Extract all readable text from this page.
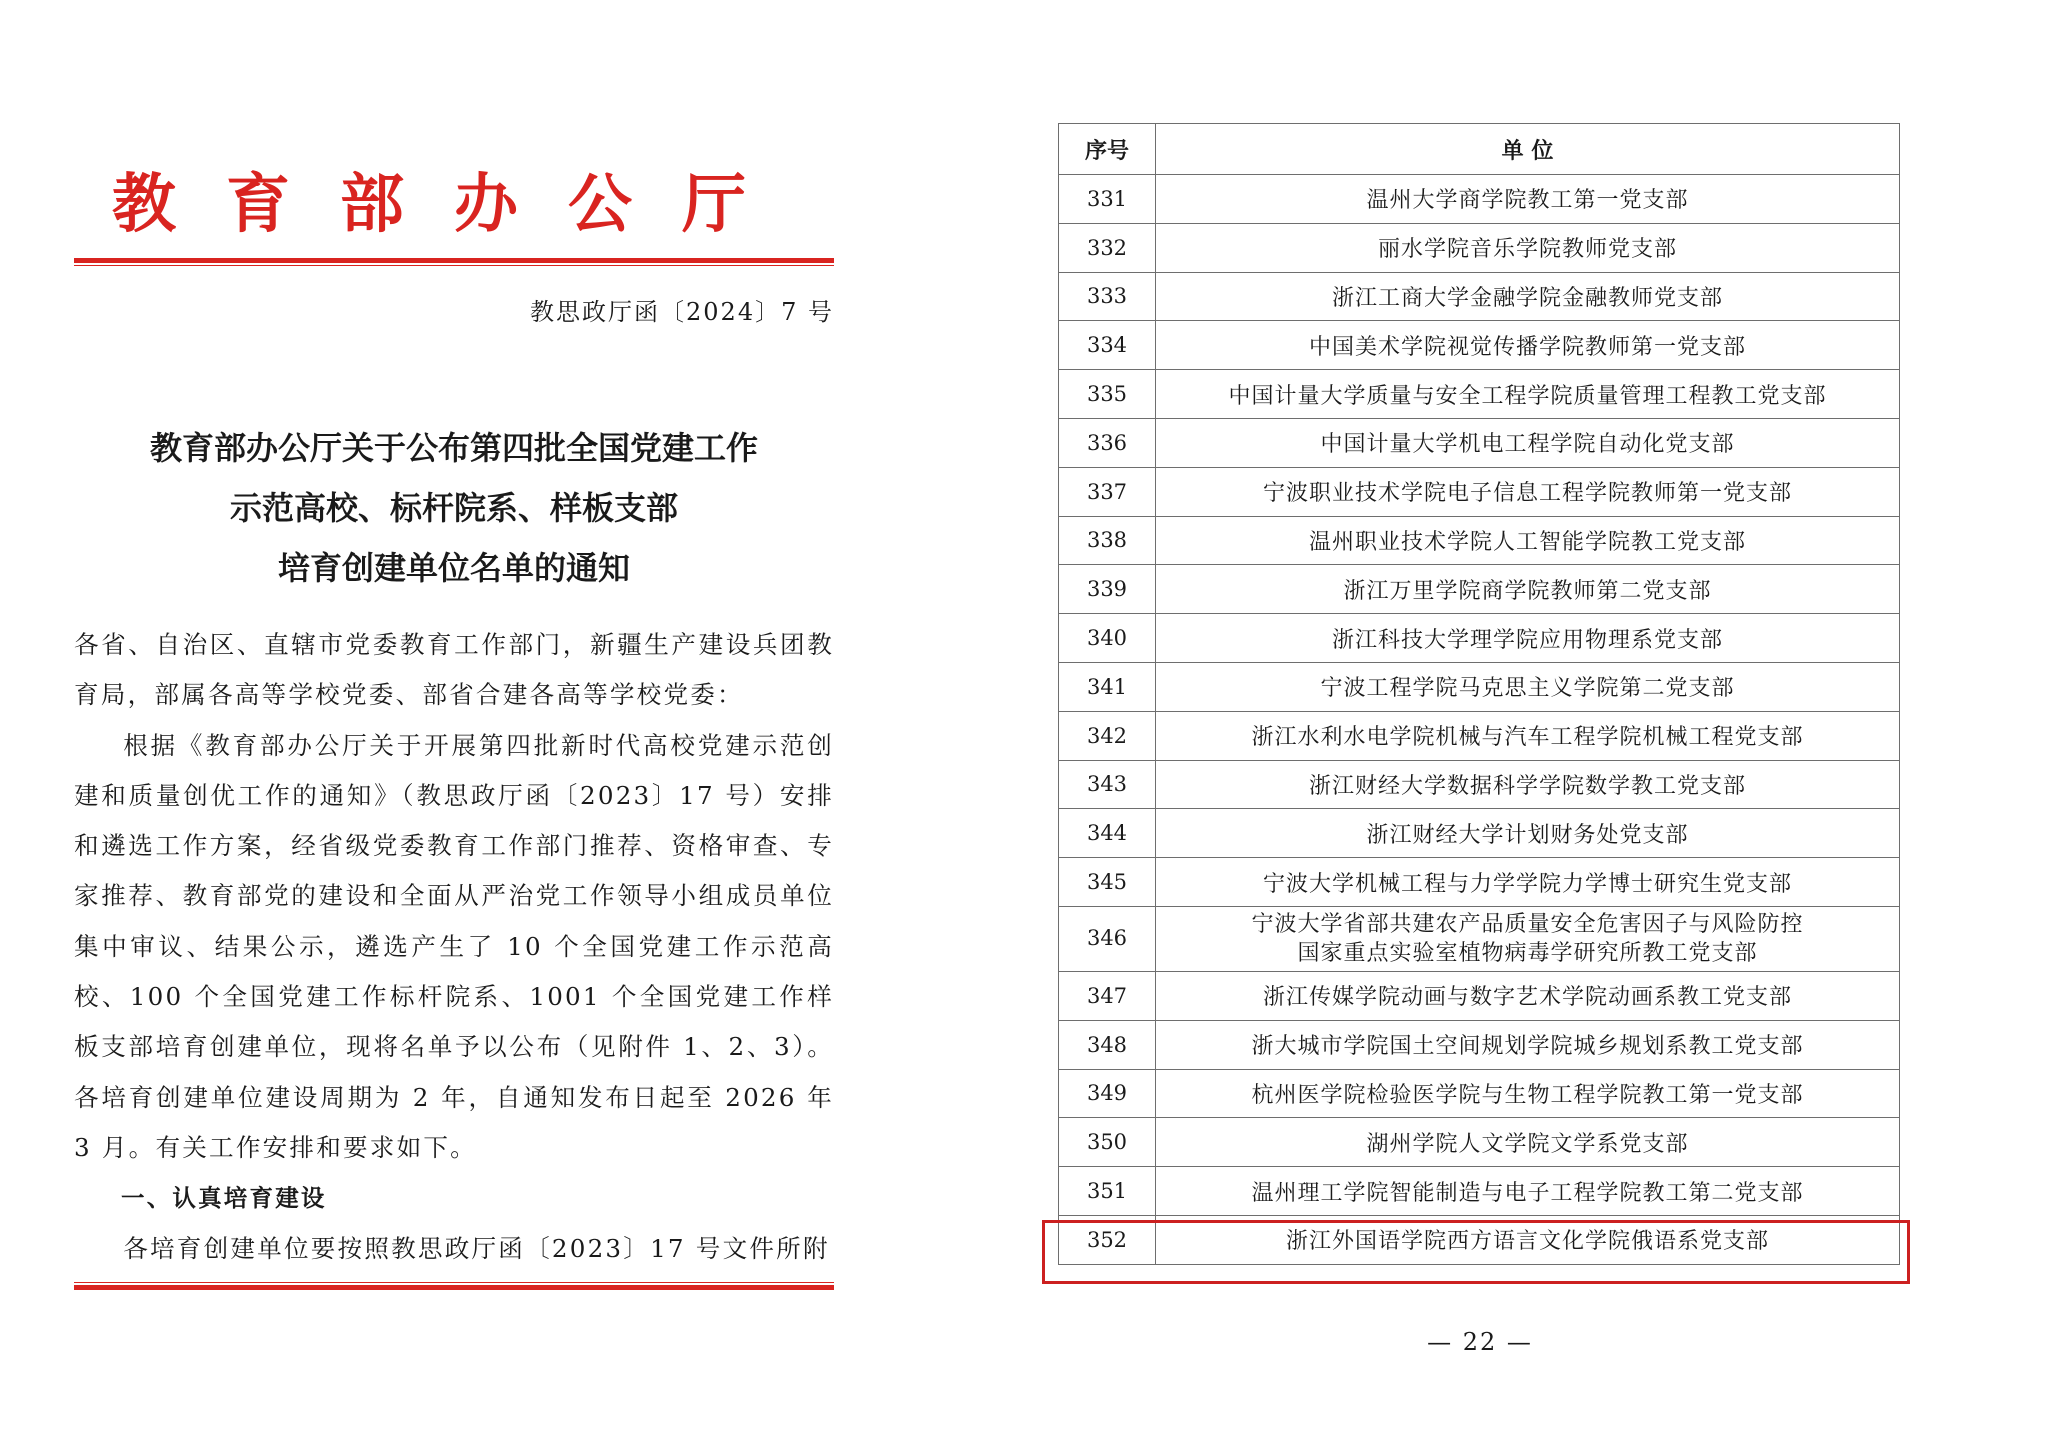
教育部办公厅
教思政厅函〔2024〕7 号
教育部办公厅关于公布第四批全国党建工作
示范高校、标杆院系、样板支部
培育创建单位名单的通知

各省、自治区、直辖市党委教育工作部门，新疆生产建设兵团教育局，部属各高等学校党委、部省合建各高等学校党委：

根据《教育部办公厅关于开展第四批新时代高校党建示范创建和质量创优工作的通知》（教思政厅函〔2023〕17 号）安排和遴选工作方案，经省级党委教育工作部门推荐、资格审查、专家推荐、教育部党的建设和全面从严治党工作领导小组成员单位集中审议、结果公示，遴选产生了 10 个全国党建工作示范高校、100 个全国党建工作标杆院系、1001 个全国党建工作样板支部培育创建单位，现将名单予以公布（见附件 1、2、3）。各培育创建单位建设周期为 2 年，自通知发布日起至 2026 年 3 月。有关工作安排和要求如下。

一、认真培育建设

各培育创建单位要按照教思政厅函〔2023〕17 号文件所附

序号	单 位
331	温州大学商学院教工第一党支部
332	丽水学院音乐学院教师党支部
333	浙江工商大学金融学院金融教师党支部
334	中国美术学院视觉传播学院教师第一党支部
335	中国计量大学质量与安全工程学院质量管理工程教工党支部
336	中国计量大学机电工程学院自动化党支部
337	宁波职业技术学院电子信息工程学院教师第一党支部
338	温州职业技术学院人工智能学院教工党支部
339	浙江万里学院商学院教师第二党支部
340	浙江科技大学理学院应用物理系党支部
341	宁波工程学院马克思主义学院第二党支部
342	浙江水利水电学院机械与汽车工程学院机械工程党支部
343	浙江财经大学数据科学学院数学教工党支部
344	浙江财经大学计划财务处党支部
345	宁波大学机械工程与力学学院力学博士研究生党支部
346	宁波大学省部共建农产品质量安全危害因子与风险防控
国家重点实验室植物病毒学研究所教工党支部

347	浙江传媒学院动画与数字艺术学院动画系教工党支部
348	浙大城市学院国土空间规划学院城乡规划系教工党支部
349	杭州医学院检验医学院与生物工程学院教工第一党支部
350	湖州学院人文学院文学系党支部
351	温州理工学院智能制造与电子工程学院教工第二党支部
352	浙江外国语学院西方语言文化学院俄语系党支部
— 22 —
